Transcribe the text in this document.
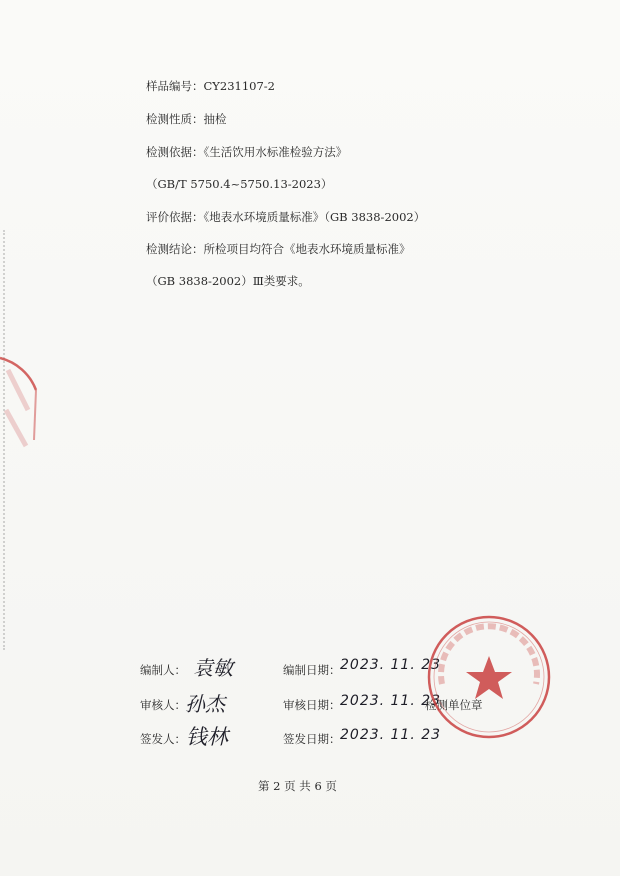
样品编号：CY231107-2
检测性质：抽检
检测依据：《生活饮用水标准检验方法》
（GB/T 5750.4~5750.13-2023）
评价依据：《地表水环境质量标准》（GB 3838-2002）
检测结论：所检项目均符合《地表水环境质量标准》
（GB 3838-2002）Ⅲ类要求。
编制人： 袁敏	编制日期： 2023. 11. 23
审核人： 孙杰	审核日期： 2023. 11. 23
检测单位章
签发人： 钱林	签发日期： 2023. 11. 23
第 2 页 共 6 页
